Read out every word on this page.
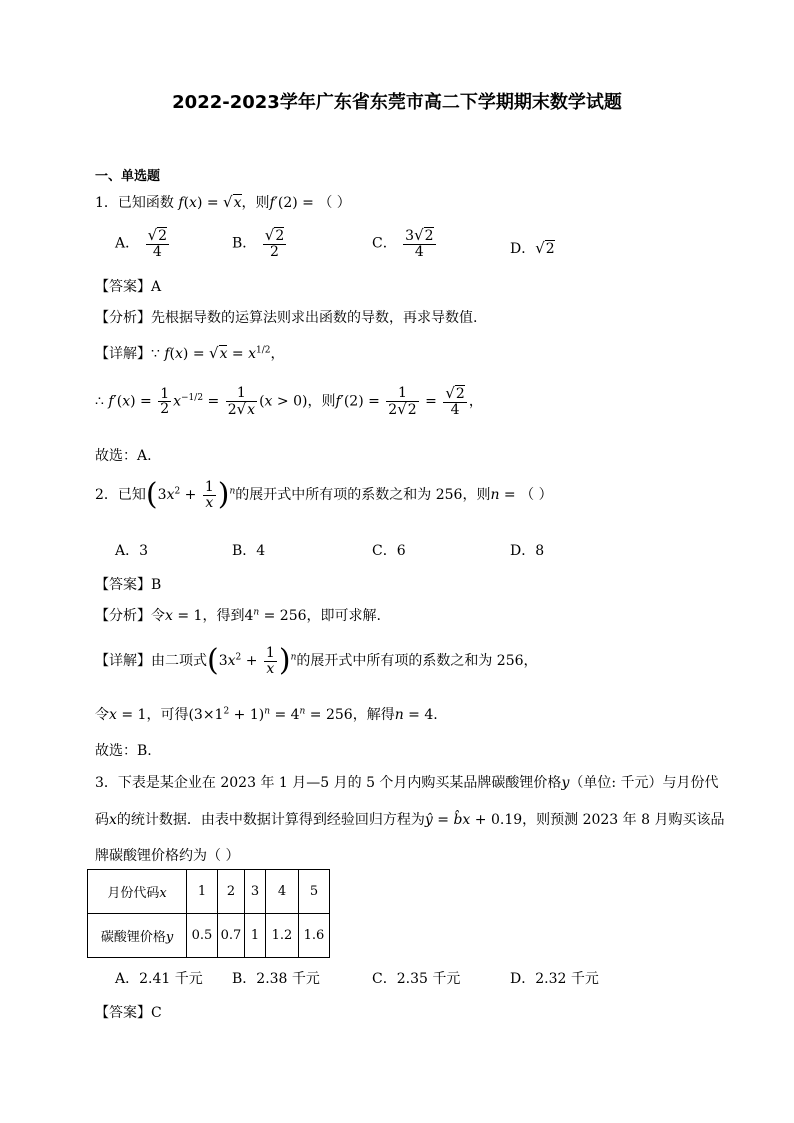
2022-2023学年广东省东莞市高二下学期期末数学试题
一、单选题
1．已知函数 f(x) = √x，则f′(2) = （ ）
A． $\frac{√2}{4}$	B． $\frac{√2}{2}$	C． $\frac{3√2}{4}$	D．√2
【答案】A
【分析】先根据导数的运算法则求出函数的导数，再求导数值.
【详解】∵ $f(x) = √x = x^{1/2}$，
∴ $f'(x) = \frac{1}{2} x^{-1/2} = \frac{1}{2√x} (x > 0)$，则$f'(2) = \frac{1}{2√2} = \frac{√2}{4}$ ，
故选：A.
2．已知$(3x^2 + \frac{1}{x} )^n$的展开式中所有项的系数之和为 256，则n = （ ）
A．3	B．4	C．6	D．8
【答案】B
【分析】令x = 1，得到$4^n = 256$，即可求解.
【详解】由二项式$(3x^2 + \frac{1}{x} )^n$的展开式中所有项的系数之和为 256，
令x = 1，可得$(3\times 1^2 + 1)^n = 4^n = 256$，解得n = 4.
故选：B.
3．下表是某企业在 2023 年 1 月—5 月的 5 个月内购买某品牌碳酸锂价格y（单位: 千元）与月份代
码x的统计数据．由表中数据计算得到经验回归方程为ŷ = b̂x + 0.19，则预测 2023 年 8 月购买该品
牌碳酸锂价格约为（ ）
月份代码x	1	2	3	4	5
碳酸锂价格y	0.5	0.7	1	1.2	1.6
A．2.41 千元 B．2.38 千元	C．2.35 千元	D．2.32 千元
【答案】C
